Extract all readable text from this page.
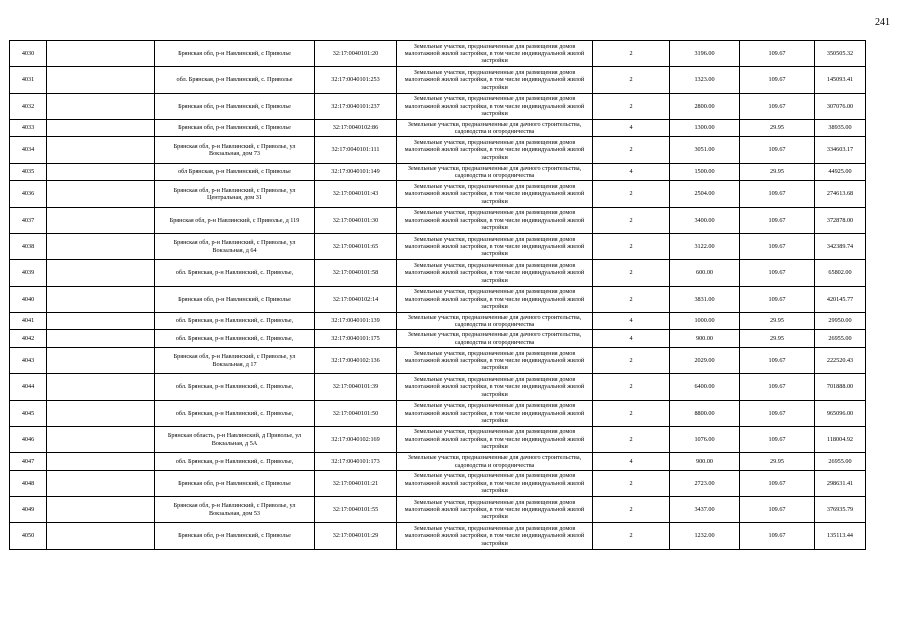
241
4030		Брянская обл, р-н Навлинский, с Приволье	32:17:0040101:20	Земельные участки, предназначенные для размещения домов малоэтажной жилой застройки, в том числе индивидуальной жилой застройки	2	3196.00	109.67	350505.32
4031		обл. Брянская, р-н Навлинский, с. Приволье	32:17:0040101:253	Земельные участки, предназначенные для размещения домов малоэтажной жилой застройки, в том числе индивидуальной жилой застройки	2	1323.00	109.67	145093.41
4032		Брянская обл, р-н Навлинский, с Приволье	32:17:0040101:237	Земельные участки, предназначенные для размещения домов малоэтажной жилой застройки, в том числе индивидуальной жилой застройки	2	2800.00	109.67	307076.00
4033		Брянская обл, р-н Навлинский, с Приволье	32:17:0040102:86	Земельные участки, предназначенные для дачного строительства, садоводства и огородничества	4	1300.00	29.95	38935.00
4034		Брянская обл, р-н Навлинский, с Приволье, ул Вокзальная, дом 73	32:17:0040101:111	Земельные участки, предназначенные для размещения домов малоэтажной жилой застройки, в том числе индивидуальной жилой застройки	2	3051.00	109.67	334603.17
4035		обл Брянская, р-н Навлинский, с Приволье	32:17:0040101:149	Земельные участки, предназначенные для дачного строительства, садоводства и огородничества	4	1500.00	29.95	44925.00
4036		Брянская обл, р-н Навлинский, с Приволье, ул Центральная, дом 31	32:17:0040101:43	Земельные участки, предназначенные для размещения домов малоэтажной жилой застройки, в том числе индивидуальной жилой застройки	2	2504.00	109.67	274613.68
4037		Брянская обл, р-н Навлинский, с Приволье, д 119	32:17:0040101:30	Земельные участки, предназначенные для размещения домов малоэтажной жилой застройки, в том числе индивидуальной жилой застройки	2	3400.00	109.67	372878.00
4038		Брянская обл, р-н Навлинский, с Приволье, ул Вокзальная, д 64	32:17:0040101:65	Земельные участки, предназначенные для размещения домов малоэтажной жилой застройки, в том числе индивидуальной жилой застройки	2	3122.00	109.67	342389.74
4039		обл. Брянская, р-н Навлинский, с. Приволье,	32:17:0040101:58	Земельные участки, предназначенные для размещения домов малоэтажной жилой застройки, в том числе индивидуальной жилой застройки	2	600.00	109.67	65802.00
4040		Брянская обл, р-н Навлинский, с Приволье	32:17:0040102:14	Земельные участки, предназначенные для размещения домов малоэтажной жилой застройки, в том числе индивидуальной жилой застройки	2	3831.00	109.67	420145.77
4041		обл. Брянская, р-н Навлинский, с. Приволье,	32:17:0040101:139	Земельные участки, предназначенные для дачного строительства, садоводства и огородничества	4	1000.00	29.95	29950.00
4042		обл. Брянская, р-н Навлинский, с. Приволье,	32:17:0040101:175	Земельные участки, предназначенные для дачного строительства, садоводства и огородничества	4	900.00	29.95	26955.00
4043		Брянская обл, р-н Навлинский, с Приволье, ул Вокзальная, д 17	32:17:0040102:136	Земельные участки, предназначенные для размещения домов малоэтажной жилой застройки, в том числе индивидуальной жилой застройки	2	2029.00	109.67	222520.43
4044		обл. Брянская, р-н Навлинский, с. Приволье,	32:17:0040101:39	Земельные участки, предназначенные для размещения домов малоэтажной жилой застройки, в том числе индивидуальной жилой застройки	2	6400.00	109.67	701888.00
4045		обл. Брянская, р-н Навлинский, с. Приволье,	32:17:0040101:50	Земельные участки, предназначенные для размещения домов малоэтажной жилой застройки, в том числе индивидуальной жилой застройки	2	8800.00	109.67	965096.00
4046		Брянская область, р-н Навлинский, д Приволье, ул Вокзальная, д 5А	32:17:0040102:169	Земельные участки, предназначенные для размещения домов малоэтажной жилой застройки, в том числе индивидуальной жилой застройки	2	1076.00	109.67	118004.92
4047		обл. Брянская, р-н Навлинский, с. Приволье,	32:17:0040101:173	Земельные участки, предназначенные для дачного строительства, садоводства и огородничества	4	900.00	29.95	26955.00
4048		Брянская обл, р-н Навлинский, с Приволье	32:17:0040101:21	Земельные участки, предназначенные для размещения домов малоэтажной жилой застройки, в том числе индивидуальной жилой застройки	2	2723.00	109.67	298631.41
4049		Брянская обл, р-н Навлинский, с Приволье, ул Вокзальная, дом 53	32:17:0040101:55	Земельные участки, предназначенные для размещения домов малоэтажной жилой застройки, в том числе индивидуальной жилой застройки	2	3437.00	109.67	376935.79
4050		Брянская обл, р-н Навлинский, с Приволье	32:17:0040101:29	Земельные участки, предназначенные для размещения домов малоэтажной жилой застройки, в том числе индивидуальной жилой застройки	2	1232.00	109.67	135113.44
